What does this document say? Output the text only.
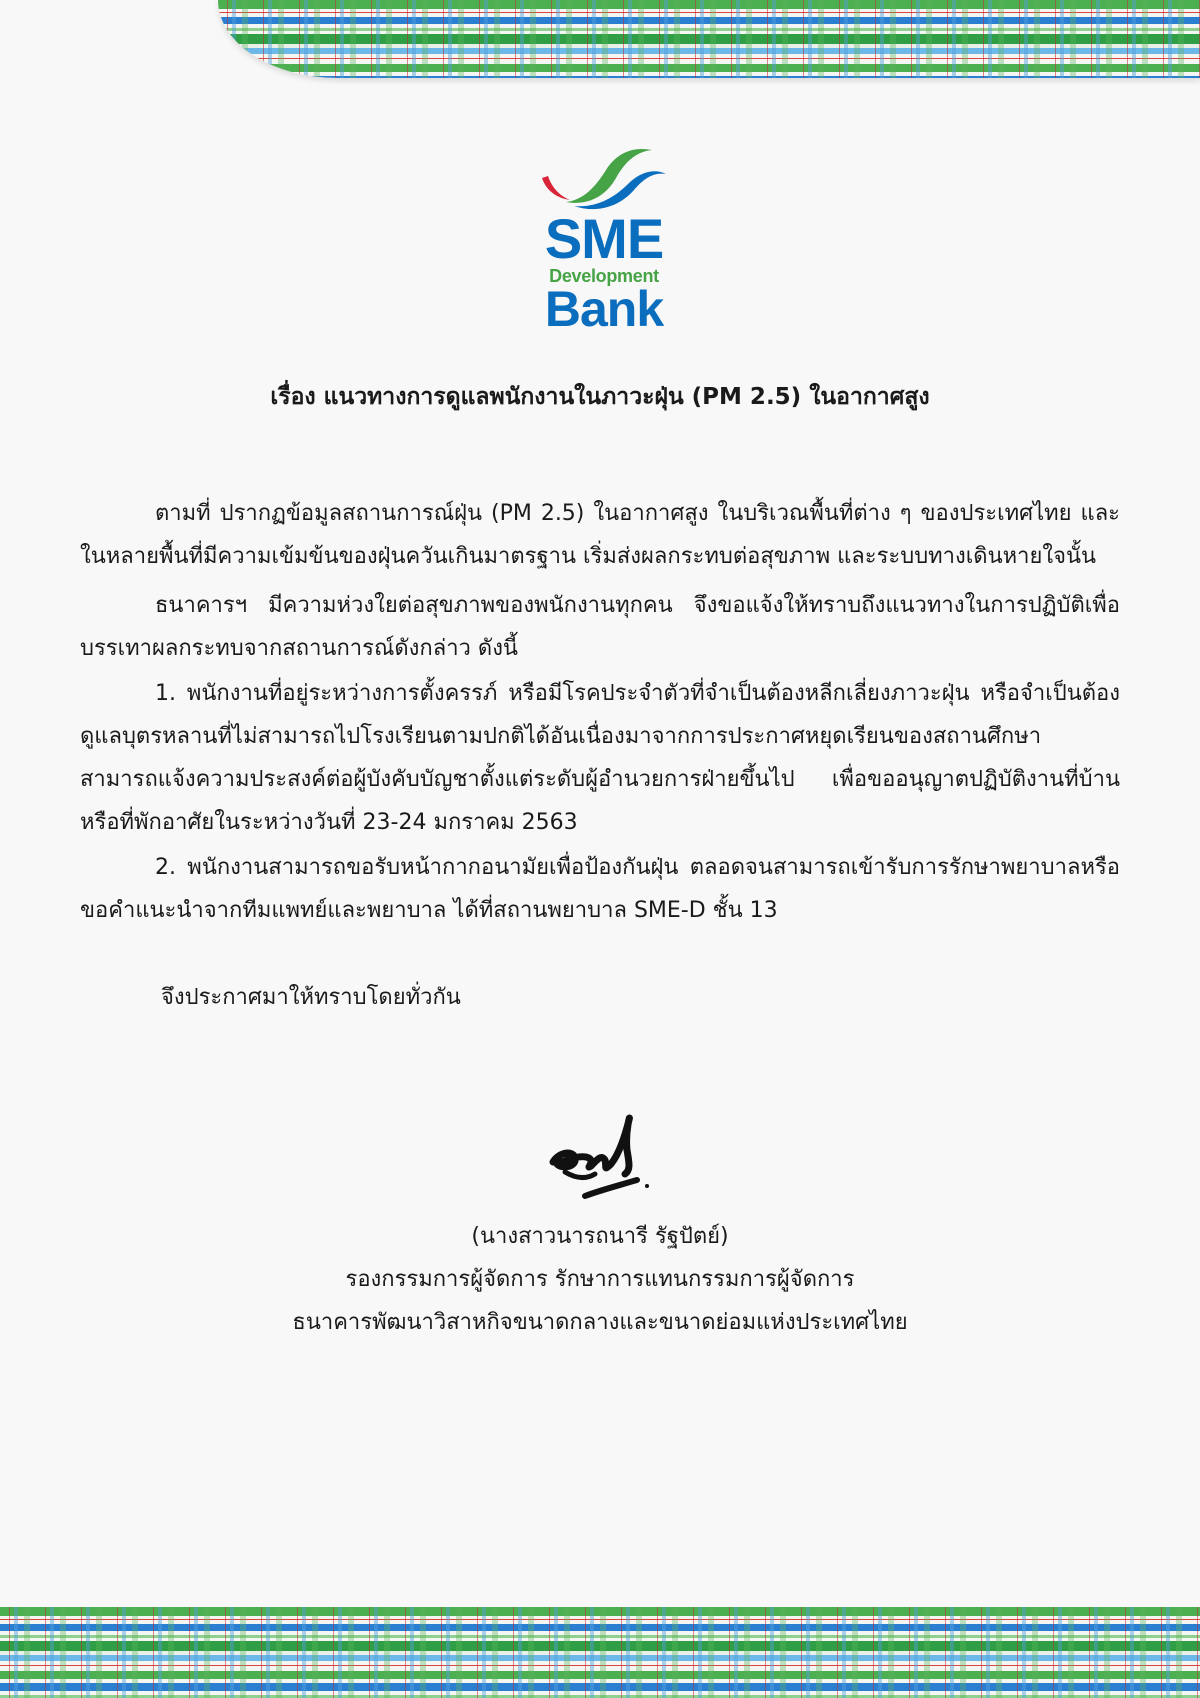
SME
Development
Bank
เรื่อง แนวทางการดูแลพนักงานในภาวะฝุ่น (PM 2.5) ในอากาศสูง

ตามที่ ปรากฏข้อมูลสถานการณ์ฝุ่น (PM 2.5) ในอากาศสูง ในบริเวณพื้นที่ต่าง ๆ ของประเทศไทย และในหลายพื้นที่มีความเข้มข้นของฝุ่นควันเกินมาตรฐาน เริ่มส่งผลกระทบต่อสุขภาพ และระบบทางเดินหายใจนั้น

ธนาคารฯ มีความห่วงใยต่อสุขภาพของพนักงานทุกคน จึงขอแจ้งให้ทราบถึงแนวทางในการปฏิบัติเพื่อบรรเทาผลกระทบจากสถานการณ์ดังกล่าว ดังนี้

1. พนักงานที่อยู่ระหว่างการตั้งครรภ์ หรือมีโรคประจำตัวที่จำเป็นต้องหลีกเลี่ยงภาวะฝุ่น หรือจำเป็นต้องดูแลบุตรหลานที่ไม่สามารถไปโรงเรียนตามปกติได้อันเนื่องมาจากการประกาศหยุดเรียนของสถานศึกษา สามารถแจ้งความประสงค์ต่อผู้บังคับบัญชาตั้งแต่ระดับผู้อำนวยการฝ่ายขึ้นไป เพื่อขออนุญาตปฏิบัติงานที่บ้านหรือที่พักอาศัยในระหว่างวันที่ 23-24 มกราคม 2563

2. พนักงานสามารถขอรับหน้ากากอนามัยเพื่อป้องกันฝุ่น ตลอดจนสามารถเข้ารับการรักษาพยาบาลหรือขอคำแนะนำจากทีมแพทย์และพยาบาล ได้ที่สถานพยาบาล SME-D ชั้น 13

จึงประกาศมาให้ทราบโดยทั่วกัน
(นางสาวนารถนารี รัฐปัตย์)
รองกรรมการผู้จัดการ รักษาการแทนกรรมการผู้จัดการ
ธนาคารพัฒนาวิสาหกิจขนาดกลางและขนาดย่อมแห่งประเทศไทย
